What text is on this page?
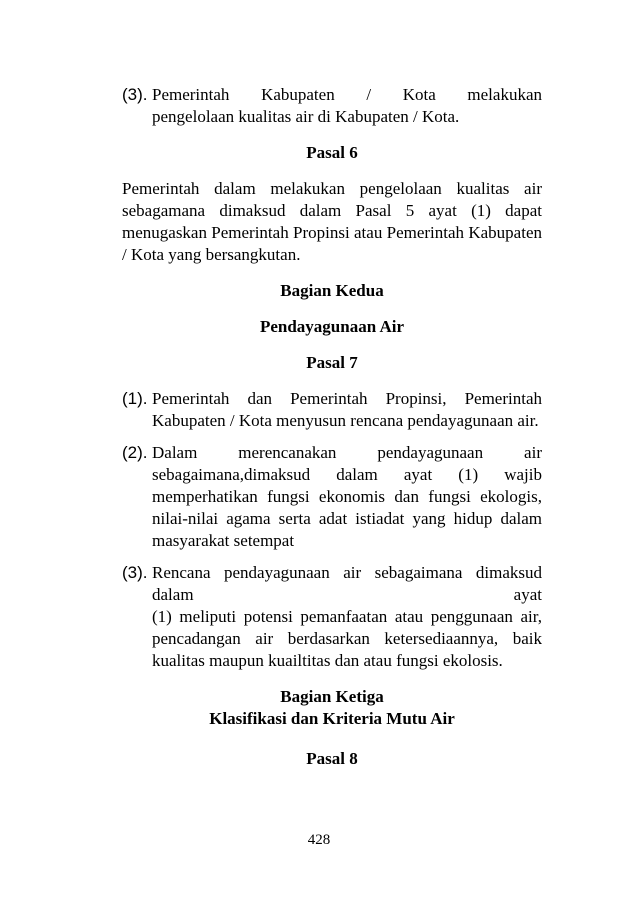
(3). Pemerintah Kabupaten / Kota melakukan
pengelolaan kualitas air di Kabupaten / Kota.
Pasal 6
Pemerintah dalam melakukan pengelolaan kualitas air sebagamana dimaksud dalam Pasal 5 ayat (1) dapat menugaskan Pemerintah Propinsi atau Pemerintah Kabupaten / Kota yang bersangkutan.
Bagian Kedua
Pendayagunaan Air
Pasal 7
(1). Pemerintah dan Pemerintah Propinsi, Pemerintah Kabupaten / Kota menyusun rencana pendayagunaan air.
(2). Dalam merencanakan pendayagunaan air
sebagaimana,dimaksud dalam ayat (1) wajib memperhatikan fungsi ekonomis dan fungsi ekologis, nilai-nilai agama serta adat istiadat yang hidup dalam masyarakat setempat
(3). Rencana pendayagunaan air sebagaimana dimaksud
dalam	ayat
(1) meliputi potensi pemanfaatan atau penggunaan air, pencadangan air berdasarkan ketersediaannya, baik kualitas maupun kuailtitas dan atau fungsi ekolosis.
Bagian Ketiga
Klasifikasi dan Kriteria Mutu Air
Pasal 8
428
